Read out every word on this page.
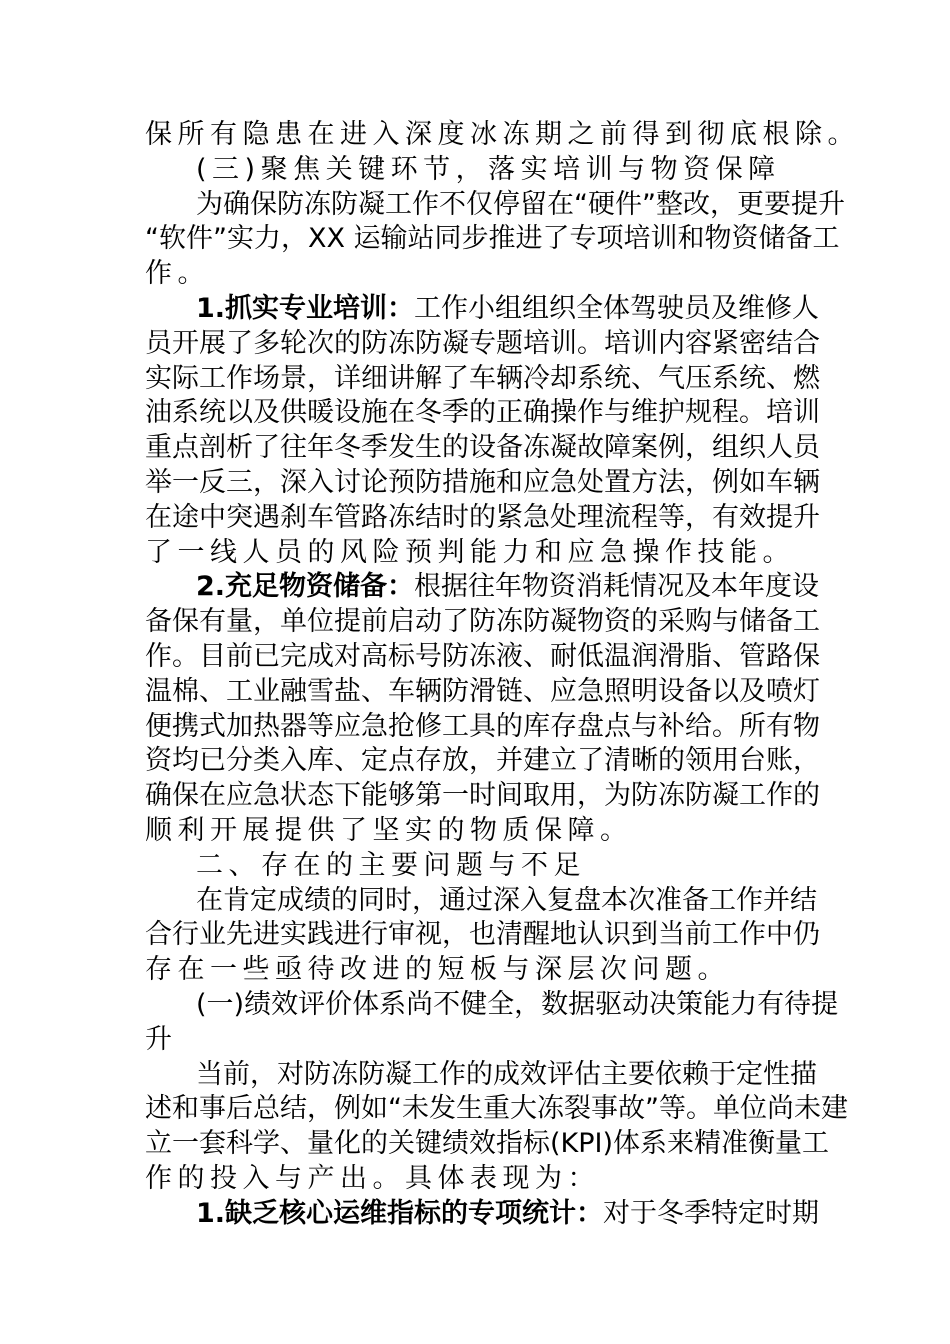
保所有隐患在进入深度冰冻期之前得到彻底根除。
(三)聚焦关键环节，落实培训与物资保障
为确保防冻防凝工作不仅停留在“硬件”整改，更要提升
“软件”实力，XX 运输站同步推进了专项培训和物资储备工
作。
1.抓实专业培训：工作小组组织全体驾驶员及维修人
员开展了多轮次的防冻防凝专题培训。培训内容紧密结合
实际工作场景，详细讲解了车辆冷却系统、气压系统、燃
油系统以及供暖设施在冬季的正确操作与维护规程。培训
重点剖析了往年冬季发生的设备冻凝故障案例，组织人员
举一反三，深入讨论预防措施和应急处置方法，例如车辆
在途中突遇刹车管路冻结时的紧急处理流程等，有效提升
了一线人员的风险预判能力和应急操作技能。
2.充足物资储备：根据往年物资消耗情况及本年度设
备保有量，单位提前启动了防冻防凝物资的采购与储备工
作。目前已完成对高标号防冻液、耐低温润滑脂、管路保
温棉、工业融雪盐、车辆防滑链、应急照明设备以及喷灯
便携式加热器等应急抢修工具的库存盘点与补给。所有物
资均已分类入库、定点存放，并建立了清晰的领用台账，
确保在应急状态下能够第一时间取用，为防冻防凝工作的
顺利开展提供了坚实的物质保障。
二、存在的主要问题与不足
在肯定成绩的同时，通过深入复盘本次准备工作并结
合行业先进实践进行审视，也清醒地认识到当前工作中仍
存在一些亟待改进的短板与深层次问题。
(一)绩效评价体系尚不健全，数据驱动决策能力有待提
升
当前，对防冻防凝工作的成效评估主要依赖于定性描
述和事后总结，例如“未发生重大冻裂事故”等。单位尚未建
立一套科学、量化的关键绩效指标(KPI)体系来精准衡量工
作的投入与产出。具体表现为：
1.缺乏核心运维指标的专项统计：对于冬季特定时期
